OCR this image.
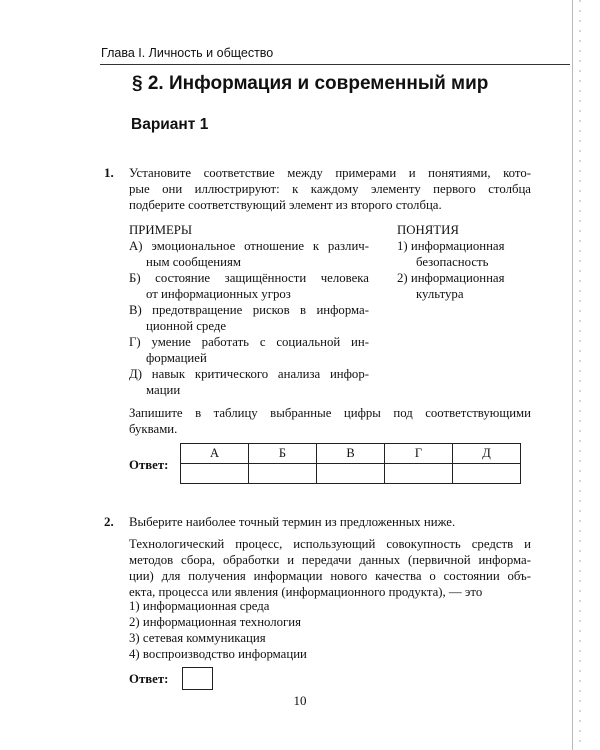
Глава I. Личность и общество
§ 2. Информация и современный мир
Вариант 1
1. Установите соответствие между примерами и понятиями, кото-
рые они иллюстрируют: к каждому элементу первого столбца
подберите соответствующий элемент из второго столбца.
ПРИМЕРЫ	ПОНЯТИЯ
А) эмоциональное отношение к различ-
ным сообщениям
Б) состояние защищённости человека
от информационных угроз
В) предотвращение рисков в информа-
ционной среде
Г) умение работать с социальной ин-
формацией
Д) навык критического анализа инфор-
мации
1) информационная
безопасность
2) информационная
культура
Запишите в таблицу выбранные цифры под соответствующими
буквами.
Ответ:
А	Б	В	Г	Д

2. Выберите наиболее точный термин из предложенных ниже.
Технологический процесс, использующий совокупность средств и
методов сбора, обработки и передачи данных (первичной информа-
ции) для получения информации нового качества о состоянии объ-
екта, процесса или явления (информационного продукта), — это
1) информационная среда
2) информационная технология
3) сетевая коммуникация
4) воспроизводство информации
Ответ:
10
